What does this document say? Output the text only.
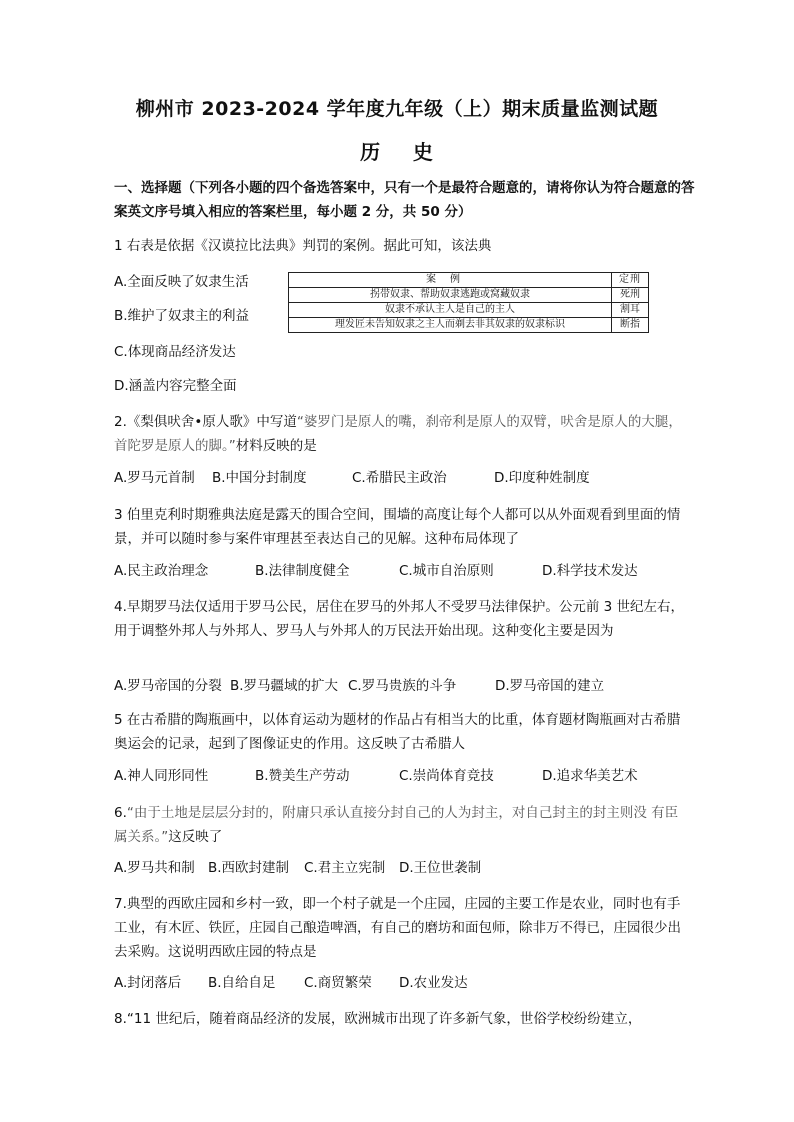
柳州市 2023-2024 学年度九年级（上）期末质量监测试题
历    史
一、选择题（下列各小题的四个备选答案中，只有一个是最符合题意的，请将你认为符合题意的答案英文序号填入相应的答案栏里，每小题 2 分，共 50 分）
1 右表是依据《汉谟拉比法典》判罚的案例。据此可知，该法典
A.全面反映了奴隶生活
B.维护了奴隶主的利益
C.体现商品经济发达
D.涵盖内容完整全面
案例	定刑
拐带奴隶、帮助奴隶逃跑或窝藏奴隶	死刑
奴隶不承认主人是自己的主人	割耳
理发匠未告知奴隶之主人而剃去非其奴隶的奴隶标识	断指
2.《梨俱吠舍•原人歌》中写道“婆罗门是原人的嘴，刹帝利是原人的双臂，吠舍是原人的大腿，首陀罗是原人的脚。”材料反映的是
A.罗马元首制 B.中国分封制度	C.希腊民主政治	D.印度种姓制度
3 伯里克利时期雅典法庭是露天的围合空间，围墙的高度让每个人都可以从外面观看到里面的情景，并可以随时参与案件审理甚至表达自己的见解。这种布局体现了
A.民主政治理念	B.法律制度健全	C.城市自治原则	D.科学技术发达
4.早期罗马法仅适用于罗马公民，居住在罗马的外邦人不受罗马法律保护。公元前 3 世纪左右，用于调整外邦人与外邦人、罗马人与外邦人的万民法开始出现。这种变化主要是因为
A.罗马帝国的分裂 B.罗马疆域的扩大 C.罗马贵族的斗争	D.罗马帝国的建立
5 在古希腊的陶瓶画中，以体育运动为题材的作品占有相当大的比重，体育题材陶瓶画对古希腊奥运会的记录，起到了图像证史的作用。这反映了古希腊人
A.神人同形同性	B.赞美生产劳动	C.崇尚体育竞技	D.追求华美艺术
6.“由于土地是层层分封的，附庸只承认直接分封自己的人为封主，对自己封主的封主则没 有臣属关系。”这反映了
A.罗马共和制 B.西欧封建制 C.君主立宪制 D.王位世袭制
7.典型的西欧庄园和乡村一致，即一个村子就是一个庄园，庄园的主要工作是农业，同时也有手工业，有木匠、铁匠，庄园自己酿造啤酒，有自己的磨坊和面包师，除非万不得已，庄园很少出去采购。这说明西欧庄园的特点是
A.封闭落后 B.自给自足 C.商贸繁荣 D.农业发达
8.“11 世纪后，随着商品经济的发展，欧洲城市出现了许多新气象，世俗学校纷纷建立，
